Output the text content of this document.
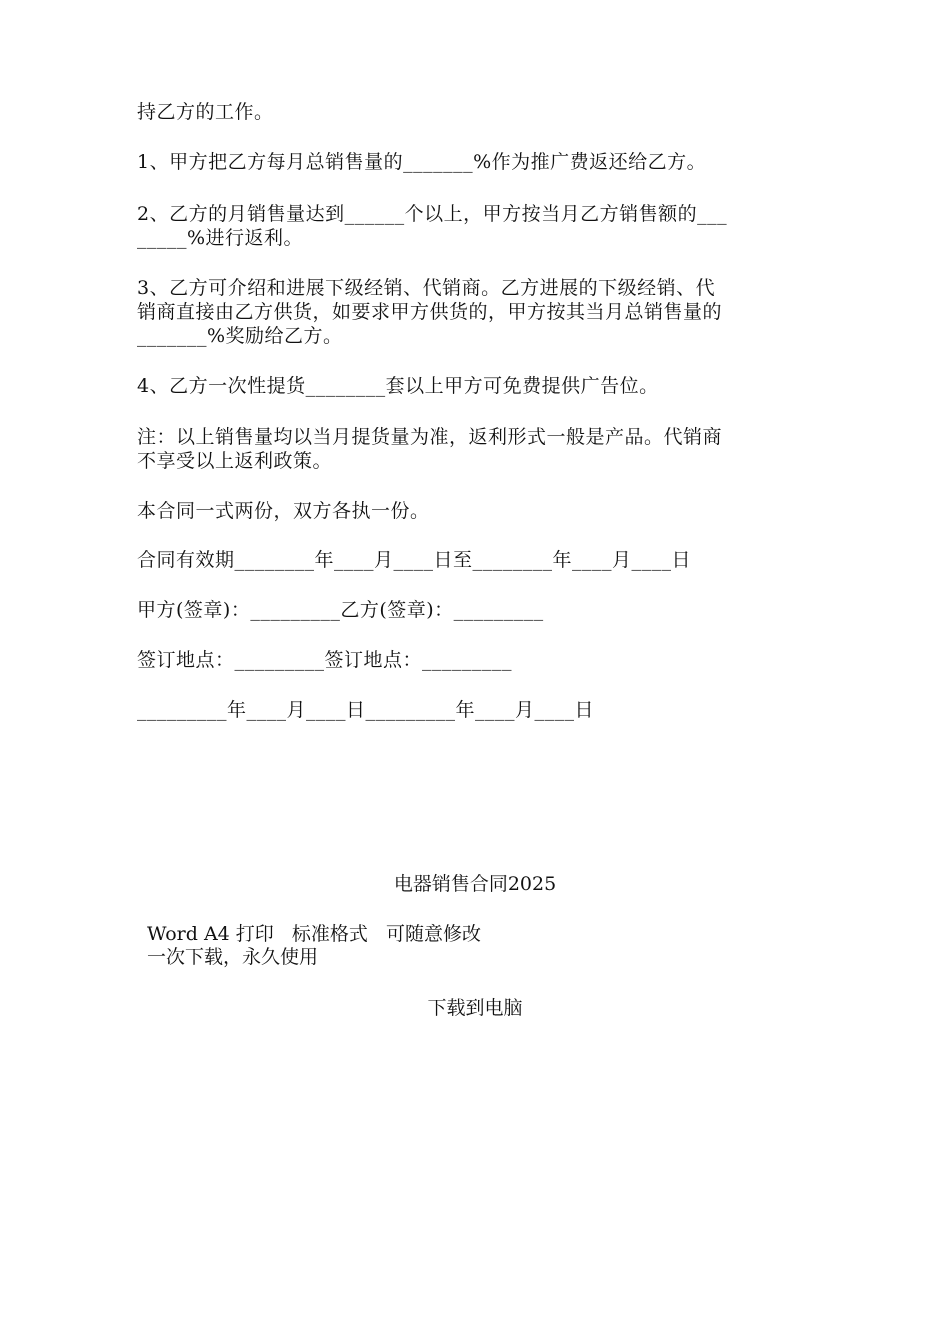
持乙方的工作。
1、甲方把乙方每月总销售量的_______%作为推广费返还给乙方。
2、乙方的月销售量达到______个以上，甲方按当月乙方销售额的___
_____%进行返利。
3、乙方可介绍和进展下级经销、代销商。乙方进展的下级经销、代
销商直接由乙方供货，如要求甲方供货的，甲方按其当月总销售量的
_______%奖励给乙方。
4、乙方一次性提货________套以上甲方可免费提供广告位。
注：以上销售量均以当月提货量为准，返利形式一般是产品。代销商
不享受以上返利政策。
本合同一式两份，双方各执一份。
合同有效期________年____月____日至________年____月____日
甲方(签章)：_________乙方(签章)：_________
签订地点：_________签订地点：_________
_________年____月____日_________年____月____日
电器销售合同2025
Word A4 打印   标准格式   可随意修改
一次下载，永久使用
下载到电脑
